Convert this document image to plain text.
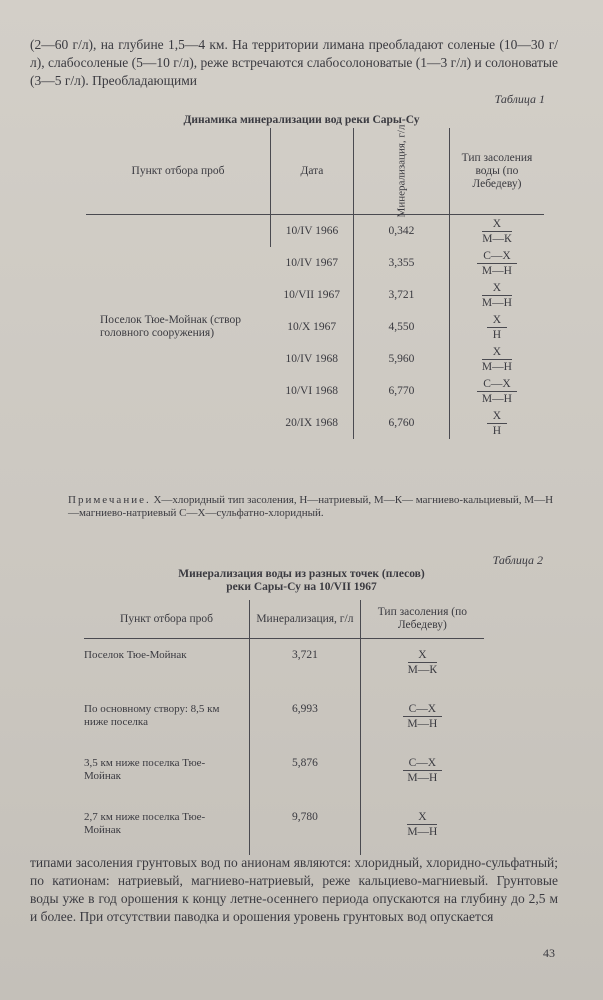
(2—60 г/л), на глубине 1,5—4 км. На территории лимана преобладают соленые (10—30 г/л), слабосоленые (5—10 г/л), реже встречаются слабосолоноватые (1—3 г/л) и солоноватые (3—5 г/л). Преобладающими

Таблица 1
Динамика минерализации вод реки Сары-Су
Пункт отбора проб	Дата	Минерализация, г/л	Тип засоления воды (по Лебедеву)
Поселок Тюе-Мойнак (створ головного сооружения)	10/IV 1966	0,342	$\frac{X}{М—К}$

	10/IV 1967	3,355	$\frac{С—X}{М—Н}$

	10/VII 1967	3,721	$\frac{X}{М—Н}$

	10/X 1967	4,550	$\frac{X}{Н}$

	10/IV 1968	5,960	$\frac{X}{М—Н}$

	10/VI 1968	6,770	$\frac{С—X}{М—Н}$

	20/IX 1968	6,760	$\frac{X}{Н}$
Примечание. Х—хлоридный тип засоления, Н—натриевый, М—К— магниево-кальциевый, М—Н—магниево-натриевый С—Х—сульфатно-хлоридный.
Таблица 2
Минерализация воды из разных точек (плесов)
реки Сары-Су на 10/VII 1967
Пункт отбора проб	Минерализация, г/л	Тип засоления (по Лебедеву)
Поселок Тюе-Мойнак	3,721	$\frac{X}{М—К}$

По основному створу: 8,5 км ниже поселка	6,993	$\frac{С—X}{М—Н}$

3,5 км ниже поселка Тюе-Мойнак	5,876	$\frac{С—X}{М—Н}$

2,7 км ниже поселка Тюе-Мойнак	9,780	$\frac{X}{М—Н}$

типами засоления грунтовых вод по анионам являются: хлоридный, хлоридно-сульфатный; по катионам: натриевый, магниево-натриевый, реже кальциево-магниевый. Грунтовые воды уже в год орошения к концу летне-осеннего периода опускаются на глубину до 2,5 м и более. При отсутствии паводка и орошения уровень грунтовых вод опускается

43
